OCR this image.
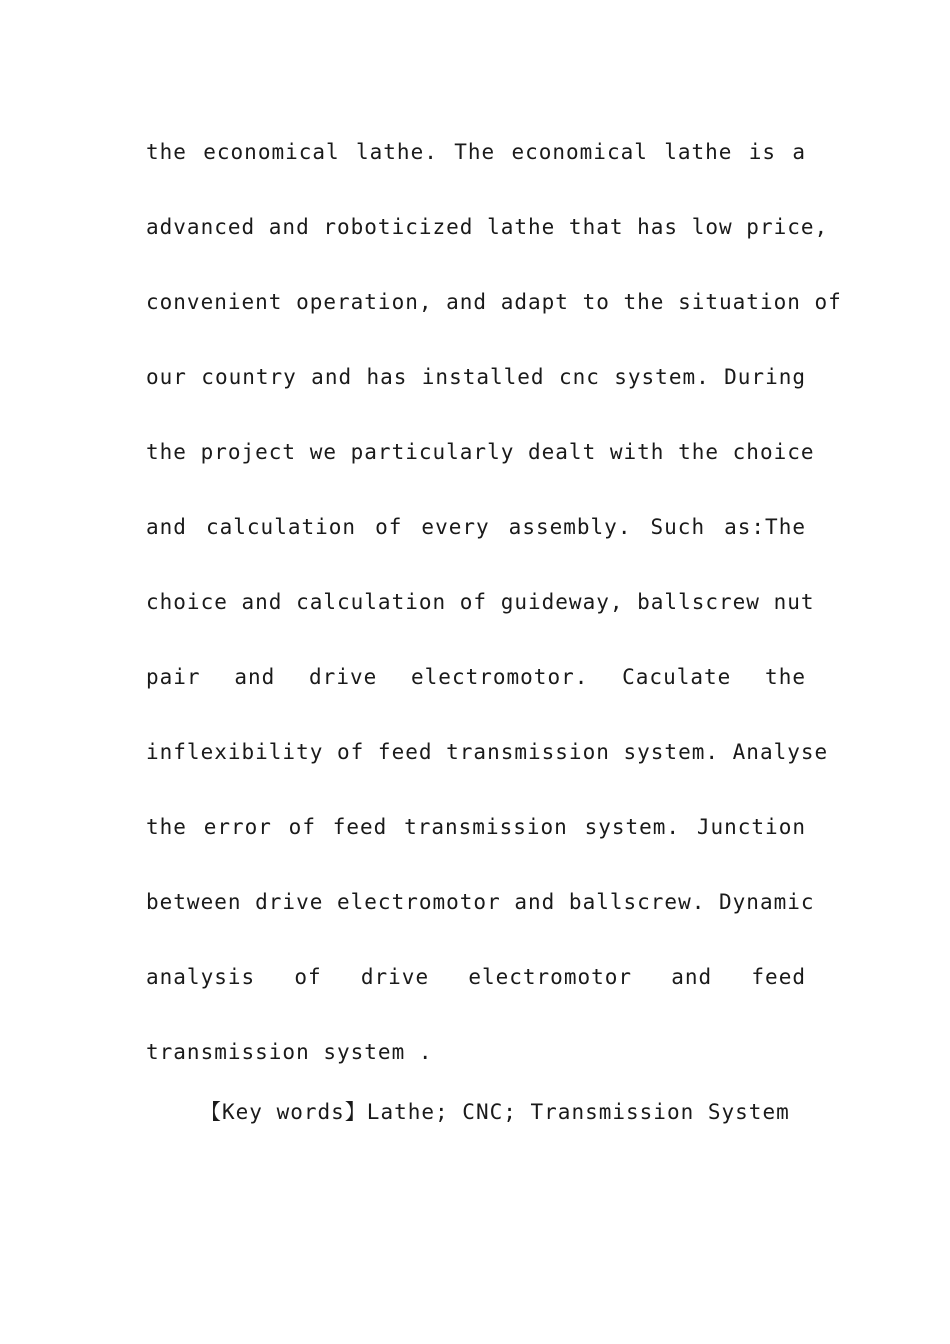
the economical lathe. The economical lathe is a
advanced and roboticized lathe that has low price,
convenient operation, and adapt to the situation of
our country and has installed cnc system. During
the project we particularly dealt with the choice
and calculation of every assembly. Such as:The
choice and calculation of guideway, ballscrew nut
pair and drive electromotor. Caculate the
inflexibility of feed transmission system. Analyse
the error of feed transmission system. Junction
between drive electromotor and ballscrew. Dynamic
analysis of drive electromotor and feed
transmission system .
【Key words】Lathe; CNC; Transmission System
